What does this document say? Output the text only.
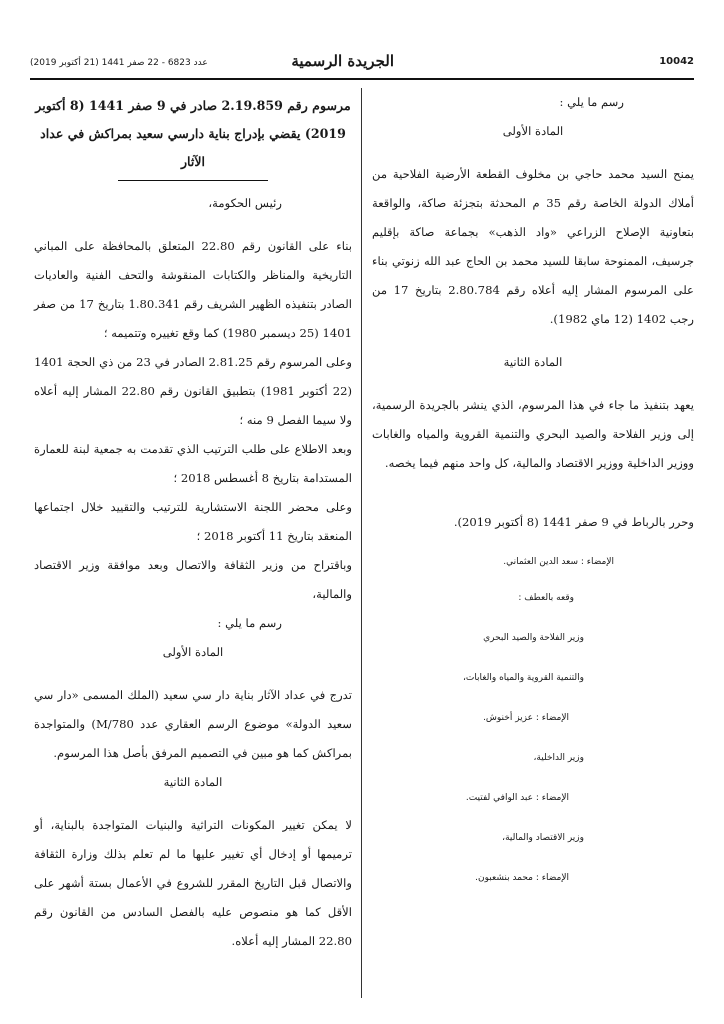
10042
الجريدة الرسمية
عدد 6823 - 22 صفر 1441 (21 أكتوبر 2019)

رسم ما يلي :

المادة الأولى

يمنح السيد محمد حاجي بن مخلوف القطعة الأرضية الفلاحية من أملاك الدولة الخاصة رقم 35 م المحدثة بتجزئة صاكة، والواقعة بتعاونية الإصلاح الزراعي «واد الذهب» بجماعة صاكة بإقليم جرسيف، الممنوحة سابقا للسيد محمد بن الحاج عبد الله زنوتي بناء على المرسوم المشار إليه أعلاه رقم 2.80.784 بتاريخ 17 من رجب 1402 (12 ماي 1982).

المادة الثانية

يعهد بتنفيذ ما جاء في هذا المرسوم، الذي ينشر بالجريدة الرسمية، إلى وزير الفلاحة والصيد البحري والتنمية القروية والمياه والغابات ووزير الداخلية ووزير الاقتصاد والمالية، كل واحد منهم فيما يخصه.

وحرر بالرباط في 9 صفر 1441 (8 أكتوبر 2019).

الإمضاء : سعد الدين العثماني.

وقعه بالعطف :

وزير الفلاحة والصيد البحري

والتنمية القروية والمياه والغابات،

الإمضاء : عزيز أخنوش.

وزير الداخلية،

الإمضاء : عبد الوافي لفتيت.

وزير الاقتصاد والمالية،

الإمضاء : محمد بنشعبون.

مرسوم رقم 2.19.859 صادر في 9 صفر 1441 (8 أكتوبر 2019) يقضي بإدراج بناية دارسي سعيد بمراكش في عداد الآثار

رئيس الحكومة،

بناء على القانون رقم 22.80 المتعلق بالمحافظة على المباني التاريخية والمناظر والكتابات المنقوشة والتحف الفنية والعاديات الصادر بتنفيذه الظهير الشريف رقم 1.80.341 بتاريخ 17 من صفر 1401 (25 ديسمبر 1980) كما وقع تغييره وتتميمه ؛

وعلى المرسوم رقم 2.81.25 الصادر في 23 من ذي الحجة 1401 (22 أكتوبر 1981) بتطبيق القانون رقم 22.80 المشار إليه أعلاه ولا سيما الفصل 9 منه ؛

وبعد الاطلاع على طلب الترتيب الذي تقدمت به جمعية لبنة للعمارة المستدامة بتاريخ 8 أغسطس 2018 ؛

وعلى محضر اللجنة الاستشارية للترتيب والتقييد خلال اجتماعها المنعقد بتاريخ 11 أكتوبر 2018 ؛

وباقتراح من وزير الثقافة والاتصال وبعد موافقة وزير الاقتصاد والمالية،

رسم ما يلي :

المادة الأولى

تدرج في عداد الآثار بناية دار سي سعيد (الملك المسمى «دار سي سعيد الدولة» موضوع الرسم العقاري عدد M/780) والمتواجدة بمراكش كما هو مبين في التصميم المرفق بأصل هذا المرسوم.

المادة الثانية

لا يمكن تغيير المكونات التراثية والبنيات المتواجدة بالبناية، أو ترميمها أو إدخال أي تغيير عليها ما لم تعلم بذلك وزارة الثقافة والاتصال قبل التاريخ المقرر للشروع في الأعمال بستة أشهر على الأقل كما هو منصوص عليه بالفصل السادس من القانون رقم 22.80 المشار إليه أعلاه.
